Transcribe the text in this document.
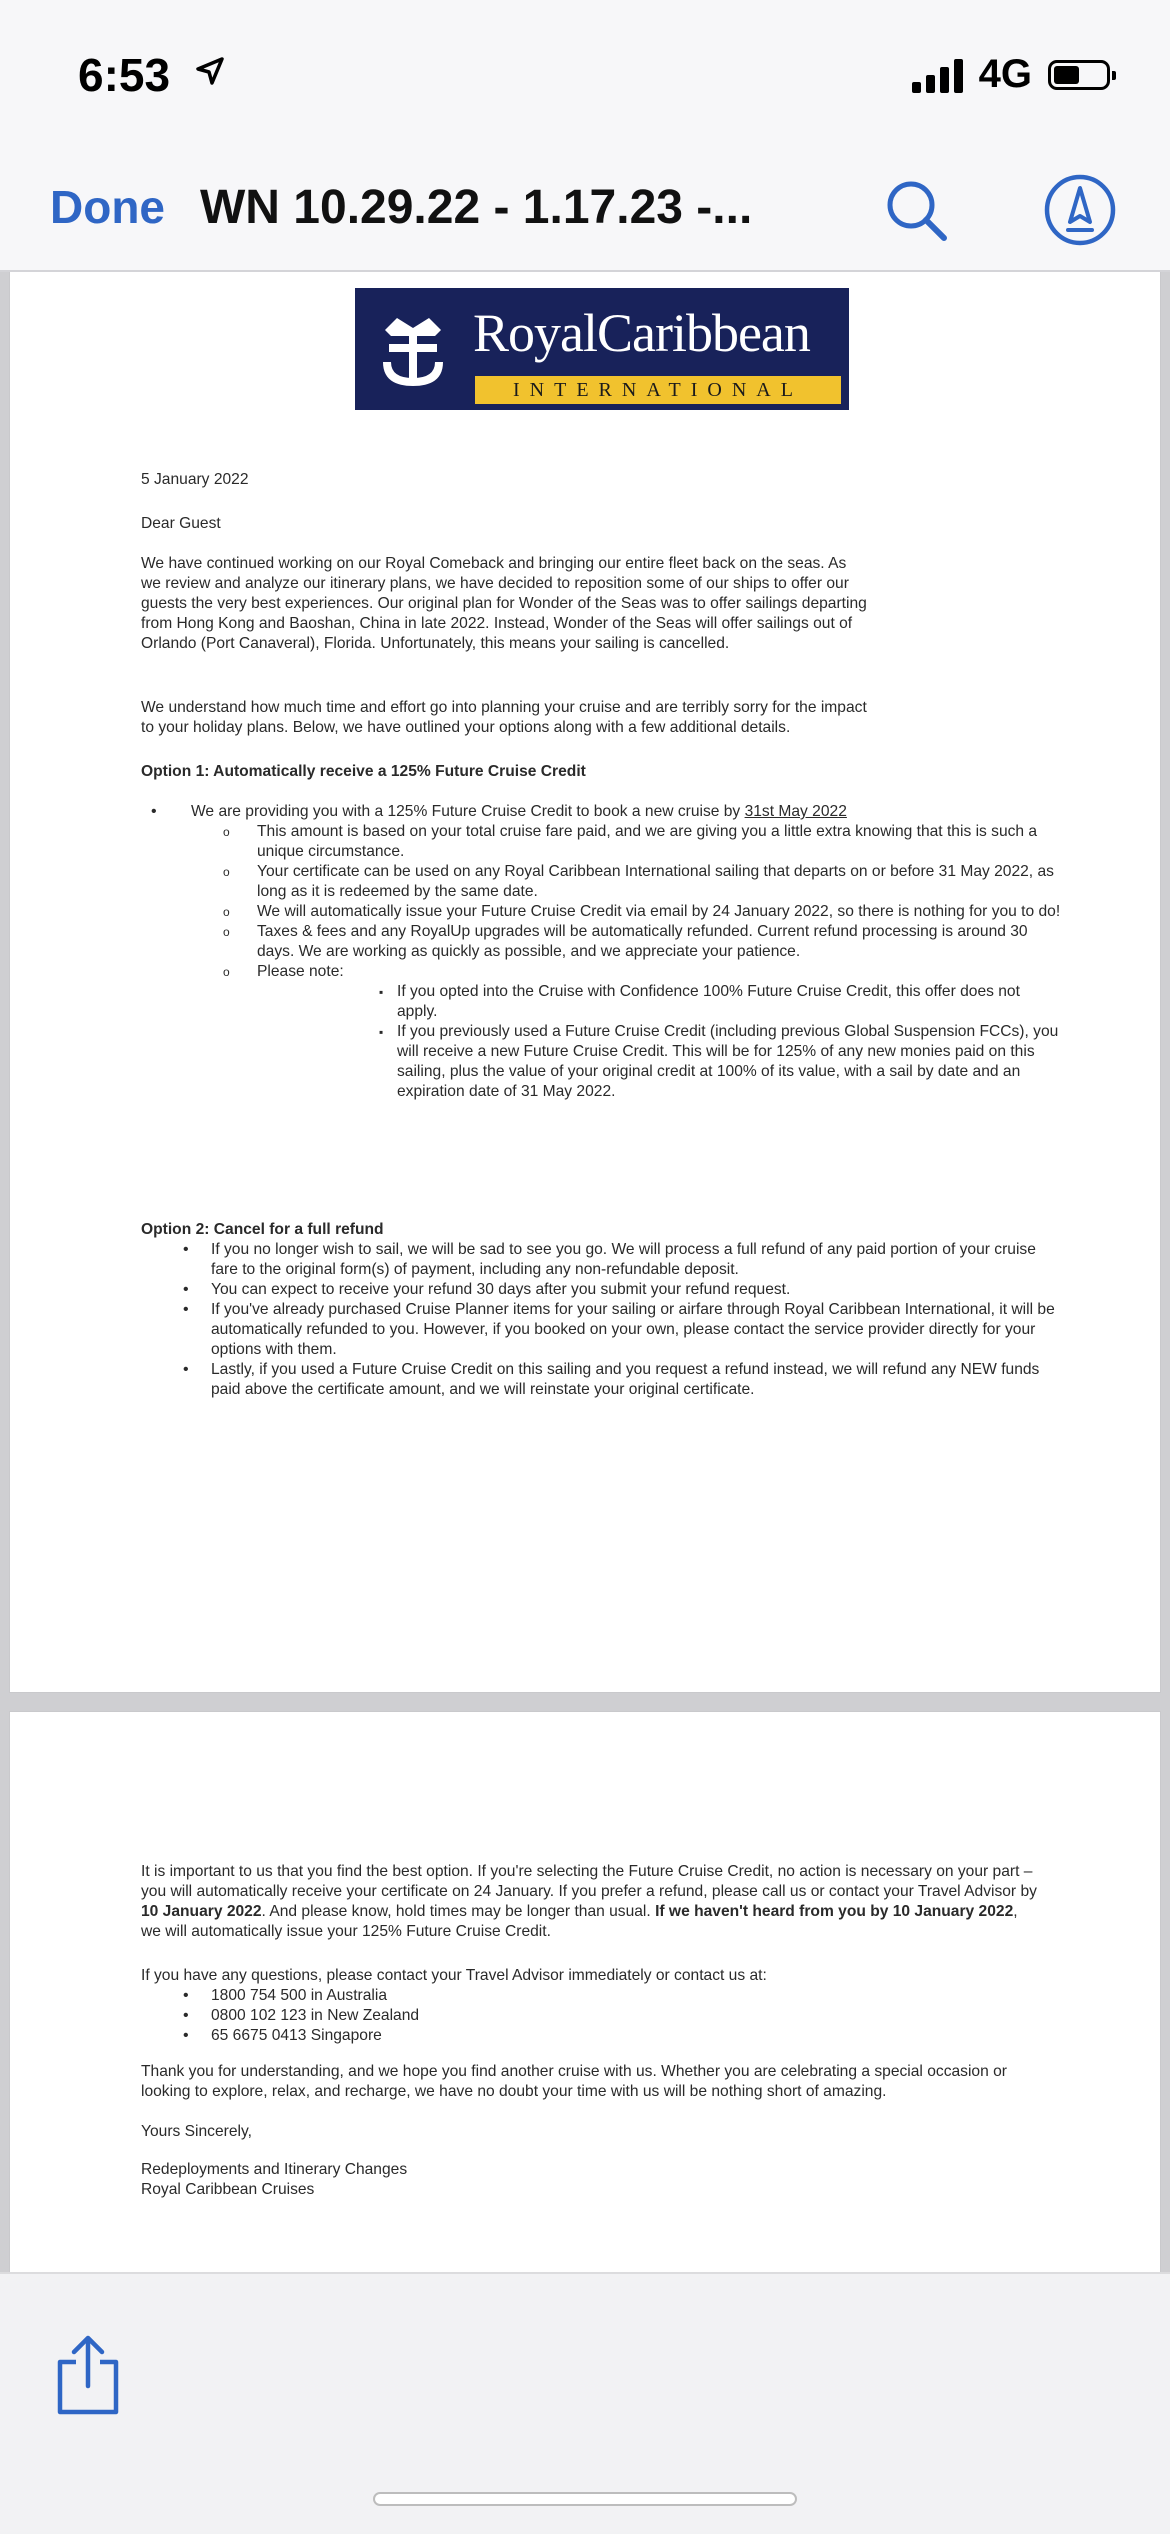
6:53	4G
Done WN 10.29.22 - 1.17.23 -...
RoyalCaribbean
INTERNATIONAL
5 January 2022
Dear Guest

We have continued working on our Royal Comeback and bringing our entire fleet back on the seas. As

we review and analyze our itinerary plans, we have decided to reposition some of our ships to offer our

guests the very best experiences. Our original plan for Wonder of the Seas was to offer sailings departing

from Hong Kong and Baoshan, China in late 2022. Instead, Wonder of the Seas will offer sailings out of

Orlando (Port Canaveral), Florida. Unfortunately, this means your sailing is cancelled.

We understand how much time and effort go into planning your cruise and are terribly sorry for the impact

to your holiday plans. Below, we have outlined your options along with a few additional details.

Option 1: Automatically receive a 125% Future Cruise Credit
• We are providing you with a 125% Future Cruise Credit to book a new cruise by 31st May 2022
o This amount is based on your total cruise fare paid, and we are giving you a little extra knowing that this is such a unique circumstance.
o Your certificate can be used on any Royal Caribbean International sailing that departs on or before 31 May 2022, as long as it is redeemed by the same date.
o We will automatically issue your Future Cruise Credit via email by 24 January 2022, so there is nothing for you to do!
o Taxes & fees and any RoyalUp upgrades will be automatically refunded. Current refund processing is around 30 days. We are working as quickly as possible, and we appreciate your patience.
o Please note:
▪ If you opted into the Cruise with Confidence 100% Future Cruise Credit, this offer does not apply.
▪ If you previously used a Future Cruise Credit (including previous Global Suspension FCCs), you will receive a new Future Cruise Credit. This will be for 125% of any new monies paid on this sailing, plus the value of your original credit at 100% of its value, with a sail by date and an expiration date of 31 May 2022.
Option 2: Cancel for a full refund
• If you no longer wish to sail, we will be sad to see you go. We will process a full refund of any paid portion of your cruise fare to the original form(s) of payment, including any non-refundable deposit.
• You can expect to receive your refund 30 days after you submit your refund request.
• If you've already purchased Cruise Planner items for your sailing or airfare through Royal Caribbean International, it will be automatically refunded to you. However, if you booked on your own, please contact the service provider directly for your options with them.
• Lastly, if you used a Future Cruise Credit on this sailing and you request a refund instead, we will refund any NEW funds paid above the certificate amount, and we will reinstate your original certificate.
It is important to us that you find the best option. If you're selecting the Future Cruise Credit, no action is necessary on your part – you will automatically receive your certificate on 24 January. If you prefer a refund, please call us or contact your Travel Advisor by 10 January 2022. And please know, hold times may be longer than usual. If we haven't heard from you by 10 January 2022, we will automatically issue your 125% Future Cruise Credit.
If you have any questions, please contact your Travel Advisor immediately or contact us at:
• 1800 754 500 in Australia
• 0800 102 123 in New Zealand
• 65 6675 0413 Singapore
Thank you for understanding, and we hope you find another cruise with us. Whether you are celebrating a special occasion or looking to explore, relax, and recharge, we have no doubt your time with us will be nothing short of amazing.
Yours Sincerely,
Redeployments and Itinerary Changes
Royal Caribbean Cruises
